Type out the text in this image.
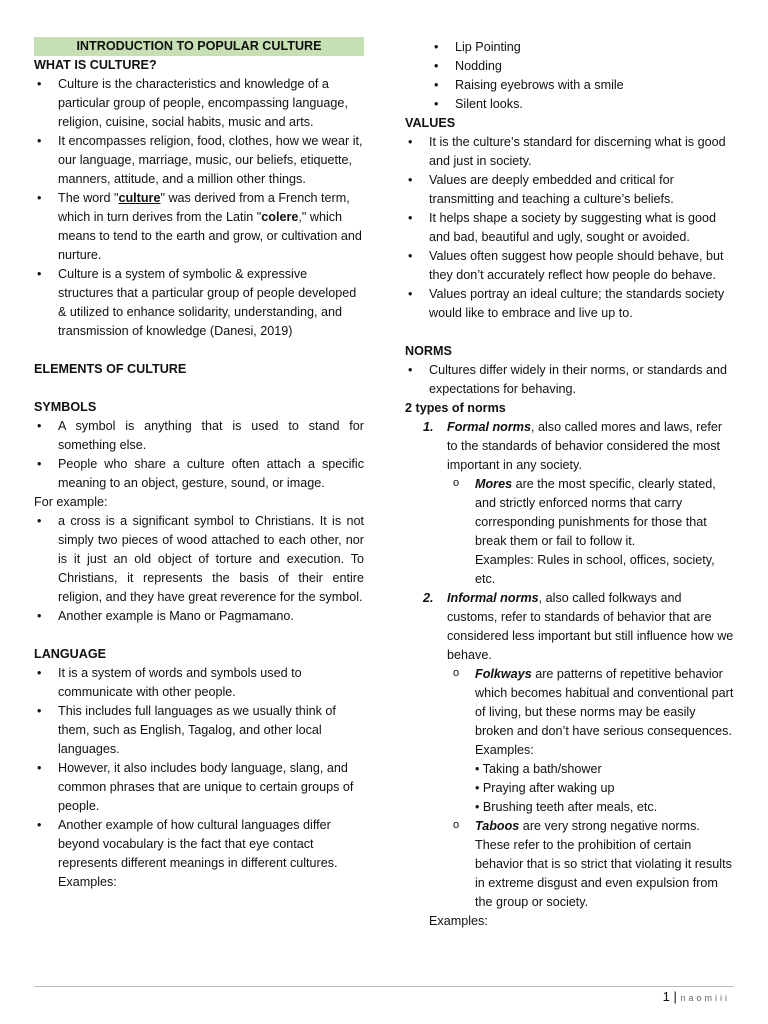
INTRODUCTION TO POPULAR CULTURE
WHAT IS CULTURE?
• Culture is the characteristics and knowledge of a particular group of people, encompassing language, religion, cuisine, social habits, music and arts.
• It encompasses religion, food, clothes, how we wear it, our language, marriage, music, our beliefs, etiquette, manners, attitude, and a million other things.
• The word "culture" was derived from a French term, which in turn derives from the Latin "colere," which means to tend to the earth and grow, or cultivation and nurture.
• Culture is a system of symbolic & expressive structures that a particular group of people developed & utilized to enhance solidarity, understanding, and transmission of knowledge (Danesi, 2019)
ELEMENTS OF CULTURE
SYMBOLS
• A symbol is anything that is used to stand for something else.
• People who share a culture often attach a specific meaning to an object, gesture, sound, or image.
For example:
• a cross is a significant symbol to Christians. It is not simply two pieces of wood attached to each other, nor is it just an old object of torture and execution. To Christians, it represents the basis of their entire religion, and they have great reverence for the symbol.
• Another example is Mano or Pagmamano.
LANGUAGE
• It is a system of words and symbols used to communicate with other people.
• This includes full languages as we usually think of them, such as English, Tagalog, and other local languages.
• However, it also includes body language, slang, and common phrases that are unique to certain groups of people.
• Another example of how cultural languages differ beyond vocabulary is the fact that eye contact represents different meanings in different cultures.
Examples:
• Lip Pointing
• Nodding
• Raising eyebrows with a smile
• Silent looks.
VALUES
• It is the culture’s standard for discerning what is good and just in society.
• Values are deeply embedded and critical for transmitting and teaching a culture’s beliefs.
• It helps shape a society by suggesting what is good and bad, beautiful and ugly, sought or avoided.
• Values often suggest how people should behave, but they don’t accurately reflect how people do behave.
• Values portray an ideal culture; the standards society would like to embrace and live up to.
NORMS
• Cultures differ widely in their norms, or standards and expectations for behaving.
2 types of norms
1. Formal norms, also called mores and laws, refer to the standards of behavior considered the most important in any society.
o Mores are the most specific, clearly stated, and strictly enforced norms that carry corresponding punishments for those that break them or fail to follow it.
Examples: Rules in school, offices, society, etc.
2. Informal norms, also called folkways and customs, refer to standards of behavior that are considered less important but still influence how we behave.
o Folkways are patterns of repetitive behavior which becomes habitual and conventional part of living, but these norms may be easily broken and don’t have serious consequences.
Examples:
• Taking a bath/shower
• Praying after waking up
• Brushing teeth after meals, etc.
o Taboos are very strong negative norms. These refer to the prohibition of certain behavior that is so strict that violating it results in extreme disgust and even expulsion from the group or society.
Examples:
1 | naomiii
